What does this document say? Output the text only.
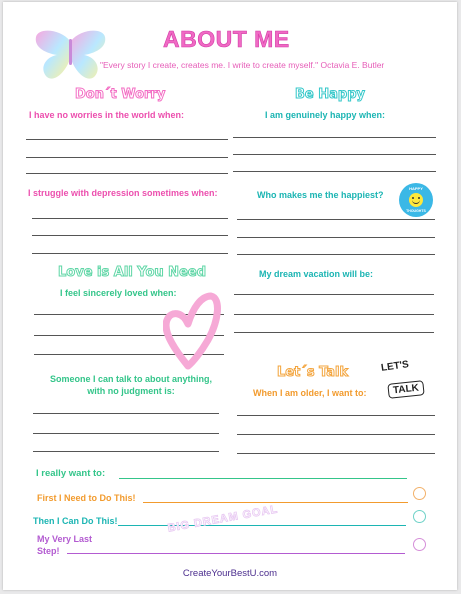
ABOUT ME
"Every story I create, creates me. I write to create myself." Octavia E. Butler
Don´t Worry
I have no worries in the world when:
I struggle with depression sometimes when:
Be Happy
I am genuinely happy when:
Who makes me the happiest?
HAPPY
THOUGHTS
Love is All You Need
I feel sincerely loved when:
My dream vacation will be:
Someone I can talk to about anything,
with no judgment is:
Let´s Talk
When I am older, I want to:
LET'S
TALK
I really want to:
First I Need to Do This!
Then I Can Do This!
My Very Last
Step!
BIG DREAM GOAL
CreateYourBestU.com
